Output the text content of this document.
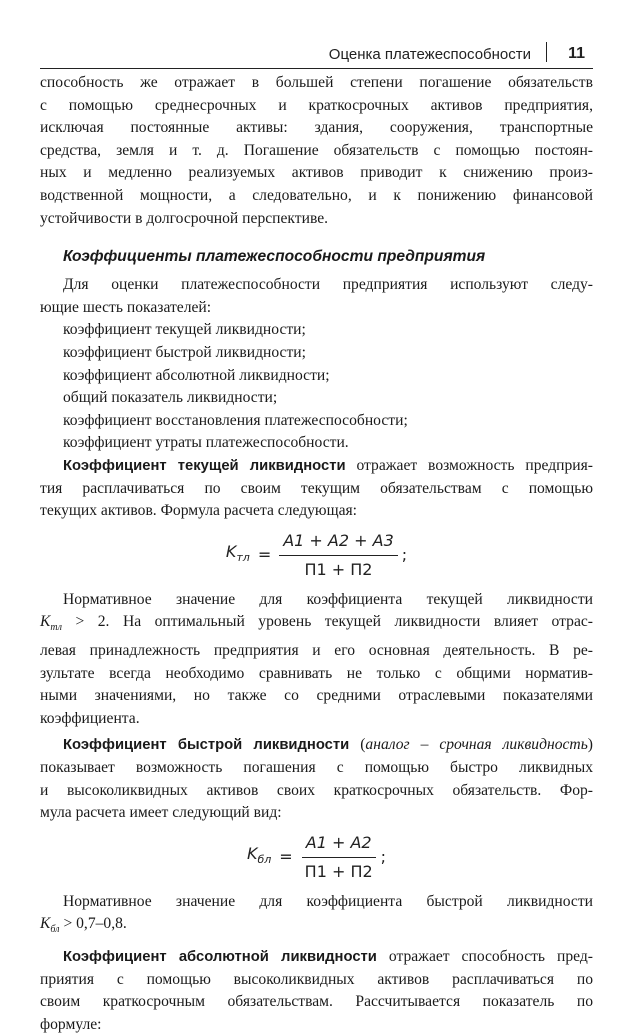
Оценка платежеспособности 11
способность же отражает в большей степени погашение обязательств
с помощью среднесрочных и краткосрочных активов предприятия,
исключая постоянные активы: здания, сооружения, транспортные
средства, земля и т. д. Погашение обязательств с помощью постоян-
ных и медленно реализуемых активов приводит к снижению произ-
водственной мощности, а следовательно, и к понижению финансовой
устойчивости в долгосрочной перспективе.
Коэффициенты платежеспособности предприятия
Для оценки платежеспособности предприятия используют следу-
ющие шесть показателей:
коэффициент текущей ликвидности;
коэффициент быстрой ликвидности;
коэффициент абсолютной ликвидности;
общий показатель ликвидности;
коэффициент восстановления платежеспособности;
коэффициент утраты платежеспособности.
Коэффициент текущей ликвидности отражает возможность предприя-
тия расплачиваться по своим текущим обязательствам с помощью
текущих активов. Формула расчета следующая:
$K_{тл} = \frac{A1 + A2 + A3}{П1 + П2}$ ;
Нормативное значение для коэффициента текущей ликвидности
$K_{тл} > 2$. На оптимальный уровень текущей ликвидности влияет отрас-
левая принадлежность предприятия и его основная деятельность. В ре-
зультате всегда необходимо сравнивать не только с общими норматив-
ными значениями, но также со средними отраслевыми показателями
коэффициента.
Коэффициент быстрой ликвидности (аналог – срочная ликвидность)
показывает возможность погашения с помощью быстро ликвидных
и высоколиквидных активов своих краткосрочных обязательств. Фор-
мула расчета имеет следующий вид:
$K_{бл} = \frac{A1 + A2}{П1 + П2}$ ;
Нормативное значение для коэффициента быстрой ликвидности
$K_{бл} > 0,7-0,8$.
Коэффициент абсолютной ликвидности отражает способность пред-
приятия с помощью высоколиквидных активов расплачиваться по
своим краткосрочным обязательствам. Рассчитывается показатель по
формуле:
